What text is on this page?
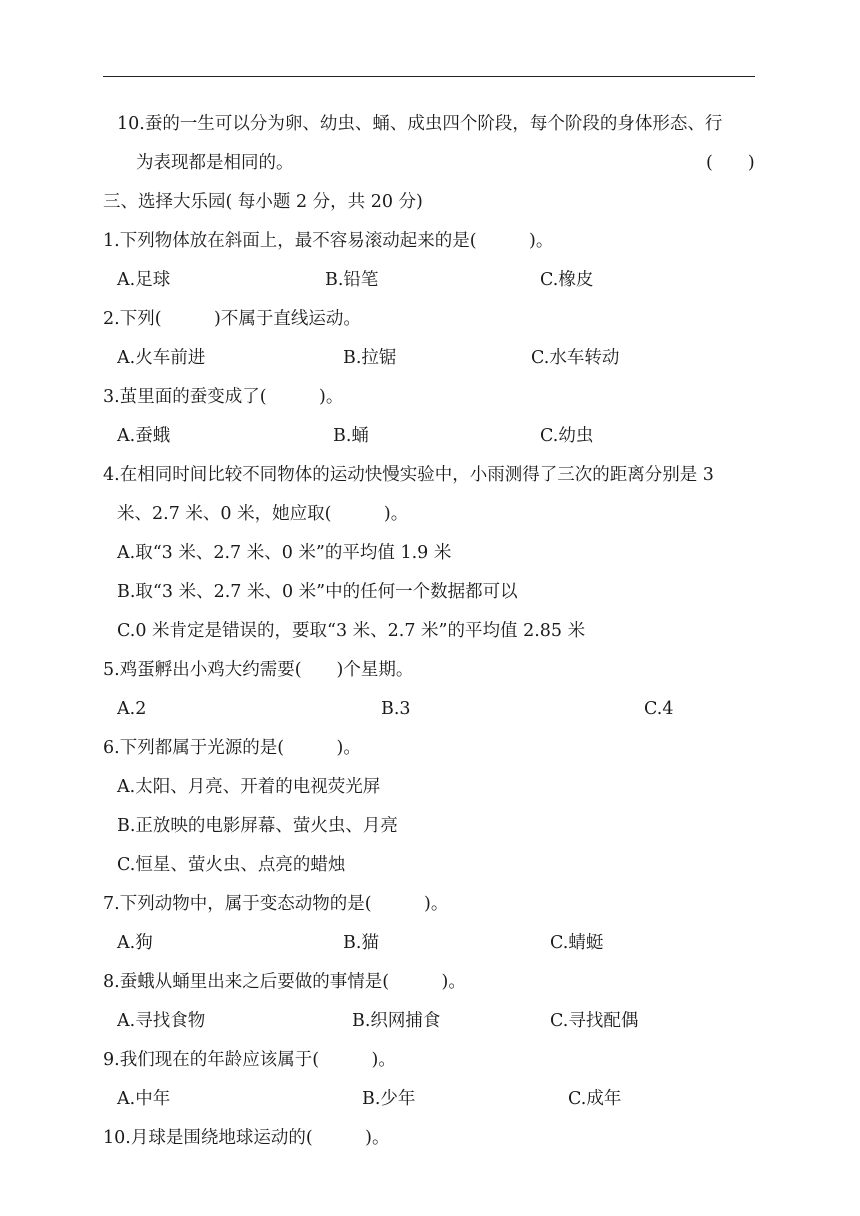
10.蚕的一生可以分为卵、幼虫、蛹、成虫四个阶段，每个阶段的身体形态、行
为表现都是相同的。	(　　)
三、选择大乐园( 每小题 2 分，共 20 分)
1.下列物体放在斜面上，最不容易滚动起来的是(　　　)。
A.足球	B.铅笔	C.橡皮
2.下列(　　　)不属于直线运动。
A.火车前进	B.拉锯	C.水车转动
3.茧里面的蚕变成了(　　　)。
A.蚕蛾	B.蛹	C.幼虫
4.在相同时间比较不同物体的运动快慢实验中，小雨测得了三次的距离分别是 3
米、2.7 米、0 米，她应取(　　　)。
A.取“3 米、2.7 米、0 米”的平均值 1.9 米
B.取“3 米、2.7 米、0 米”中的任何一个数据都可以
C.0 米肯定是错误的，要取“3 米、2.7 米”的平均值 2.85 米
5.鸡蛋孵出小鸡大约需要(　　)个星期。
A.2	B.3	C.4
6.下列都属于光源的是(　　　)。
A.太阳、月亮、开着的电视荧光屏
B.正放映的电影屏幕、萤火虫、月亮
C.恒星、萤火虫、点亮的蜡烛
7.下列动物中，属于变态动物的是(　　　)。
A.狗	B.猫	C.蜻蜓
8.蚕蛾从蛹里出来之后要做的事情是(　　　)。
A.寻找食物	B.织网捕食	C.寻找配偶
9.我们现在的年龄应该属于(　　　)。
A.中年	B.少年	C.成年
10.月球是围绕地球运动的(　　　)。
